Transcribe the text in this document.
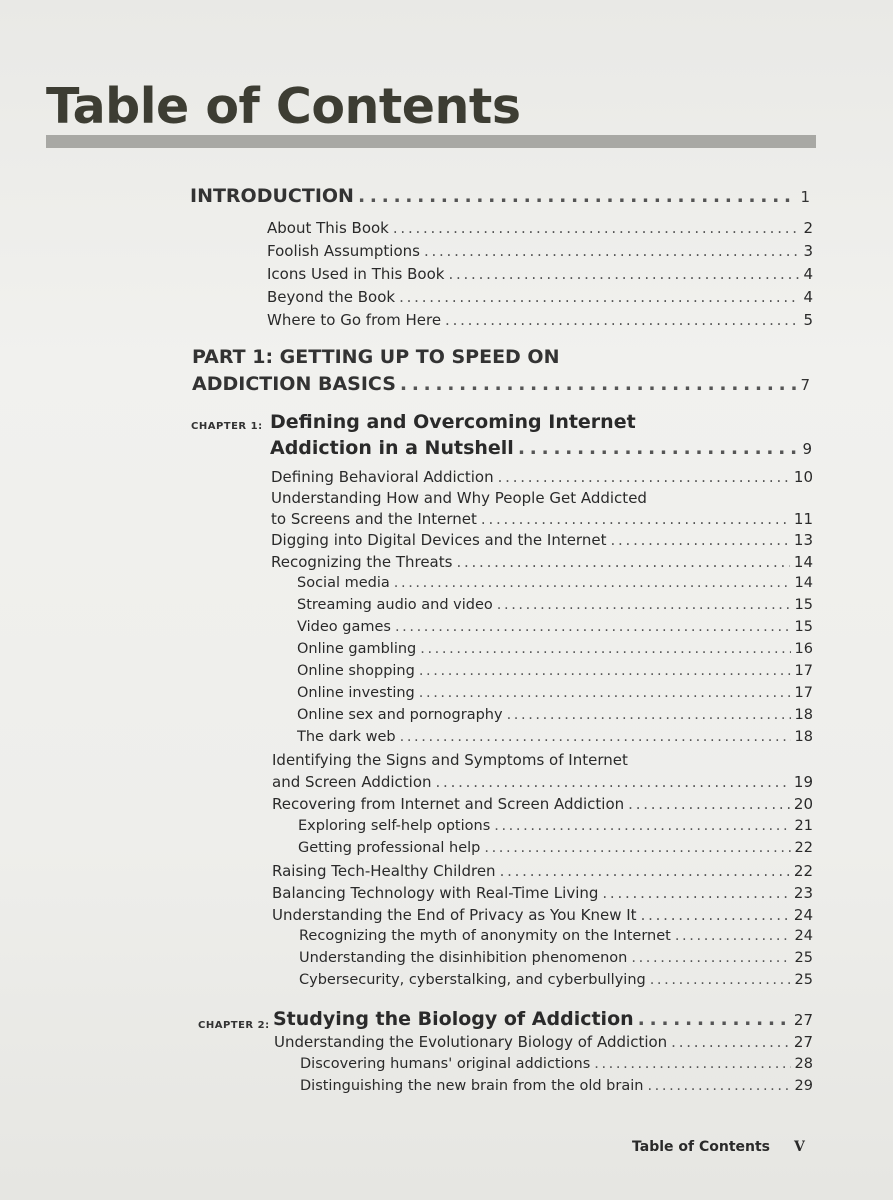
Table of Contents
INTRODUCTION . . .	1
About This Book . . .	2
Foolish Assumptions . . .	3
Icons Used in This Book . . .	4
Beyond the Book . . .	4
Where to Go from Here . . .	5
PART 1: GETTING UP TO SPEED ON
ADDICTION BASICS . . .	7
CHAPTER 1: Defining and Overcoming Internet
Addiction in a Nutshell . . .	9
Defining Behavioral Addiction . . .	10
Understanding How and Why People Get Addicted
to Screens and the Internet . . .	11
Digging into Digital Devices and the Internet . . .	13
Recognizing the Threats . . .	14
Social media . . .	14
Streaming audio and video . . .	15
Video games . . .	15
Online gambling . . .	16
Online shopping . . .	17
Online investing . . .	17
Online sex and pornography . . .	18
The dark web . . .	18
Identifying the Signs and Symptoms of Internet
and Screen Addiction . . .	19
Recovering from Internet and Screen Addiction . . .	20
Exploring self-help options . . .	21
Getting professional help . . .	22
Raising Tech-Healthy Children . . .	22
Balancing Technology with Real-Time Living . . .	23
Understanding the End of Privacy as You Knew It . . .	24
Recognizing the myth of anonymity on the Internet . . .	24
Understanding the disinhibition phenomenon . . .	25
Cybersecurity, cyberstalking, and cyberbullying . . .	25
CHAPTER 2: Studying the Biology of Addiction . . .	27
Understanding the Evolutionary Biology of Addiction . . .	27
Discovering humans' original addictions . . .	28
Distinguishing the new brain from the old brain . . .	29
Table of Contents V
